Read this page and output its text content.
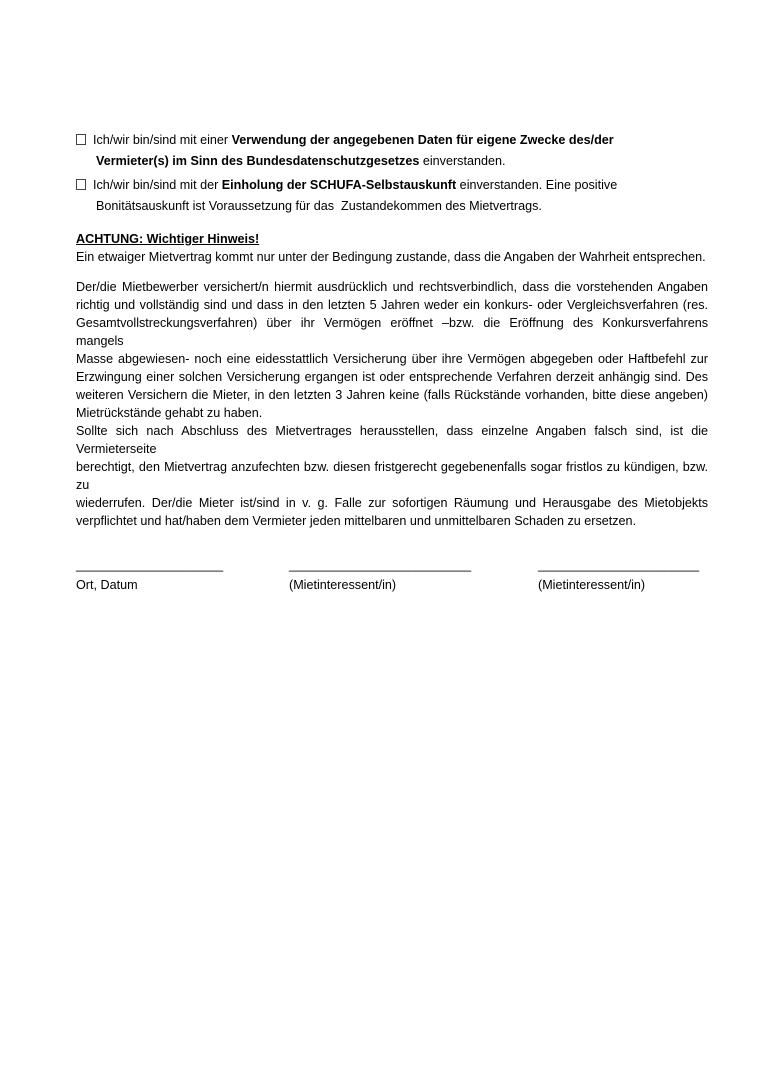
Ich/wir bin/sind mit einer Verwendung der angegebenen Daten für eigene Zwecke des/der
Vermieter(s) im Sinn des Bundesdatenschutzgesetzes einverstanden.
Ich/wir bin/sind mit der Einholung der SCHUFA-Selbstauskunft einverstanden. Eine positive
Bonitätsauskunft ist Voraussetzung für das  Zustandekommen des Mietvertrags.
ACHTUNG: Wichtiger Hinweis!
Ein etwaiger Mietvertrag kommt nur unter der Bedingung zustande, dass die Angaben der Wahrheit entsprechen.
Der/die Mietbewerber versichert/n hiermit ausdrücklich und rechtsverbindlich, dass die vorstehenden Angaben
richtig und vollständig sind und dass in den letzten 5 Jahren weder ein konkurs- oder Vergleichsverfahren (res.
Gesamtvollstreckungsverfahren) über ihr Vermögen eröffnet –bzw. die Eröffnung des Konkursverfahrens mangels
Masse abgewiesen- noch eine eidesstattlich Versicherung über ihre Vermögen abgegeben oder Haftbefehl zur
Erzwingung einer solchen Versicherung ergangen ist oder entsprechende Verfahren derzeit anhängig sind. Des
weiteren Versichern die Mieter, in den letzten 3 Jahren keine (falls Rückstände vorhanden, bitte diese angeben)
Mietrückstände gehabt zu haben.
Sollte sich nach Abschluss des Mietvertrages herausstellen, dass einzelne Angaben falsch sind, ist die Vermieterseite
berechtigt, den Mietvertrag anzufechten bzw. diesen fristgerecht gegebenenfalls sogar fristlos zu kündigen, bzw. zu
wiederrufen. Der/die Mieter ist/sind in v. g. Falle zur sofortigen Räumung und Herausgabe des Mietobjekts
verpflichtet und hat/haben dem Vermieter jeden mittelbaren und unmittelbaren Schaden zu ersetzen.
_____________________
Ort, Datum
__________________________
(Mietinteressent/in)
_______________________
(Mietinteressent/in)
